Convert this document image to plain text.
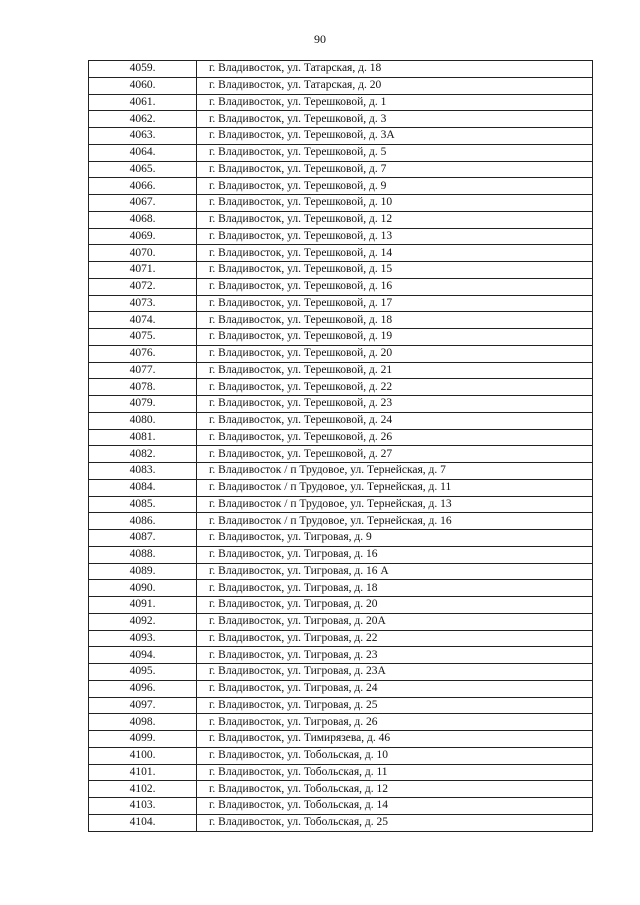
90
4059.	г. Владивосток, ул. Татарская, д. 18
4060.	г. Владивосток, ул. Татарская, д. 20
4061.	г. Владивосток, ул. Терешковой, д. 1
4062.	г. Владивосток, ул. Терешковой, д. 3
4063.	г. Владивосток, ул. Терешковой, д. 3А
4064.	г. Владивосток, ул. Терешковой, д. 5
4065.	г. Владивосток, ул. Терешковой, д. 7
4066.	г. Владивосток, ул. Терешковой, д. 9
4067.	г. Владивосток, ул. Терешковой, д. 10
4068.	г. Владивосток, ул. Терешковой, д. 12
4069.	г. Владивосток, ул. Терешковой, д. 13
4070.	г. Владивосток, ул. Терешковой, д. 14
4071.	г. Владивосток, ул. Терешковой, д. 15
4072.	г. Владивосток, ул. Терешковой, д. 16
4073.	г. Владивосток, ул. Терешковой, д. 17
4074.	г. Владивосток, ул. Терешковой, д. 18
4075.	г. Владивосток, ул. Терешковой, д. 19
4076.	г. Владивосток, ул. Терешковой, д. 20
4077.	г. Владивосток, ул. Терешковой, д. 21
4078.	г. Владивосток, ул. Терешковой, д. 22
4079.	г. Владивосток, ул. Терешковой, д. 23
4080.	г. Владивосток, ул. Терешковой, д. 24
4081.	г. Владивосток, ул. Терешковой, д. 26
4082.	г. Владивосток, ул. Терешковой, д. 27
4083.	г. Владивосток / п Трудовое, ул. Тернейская, д. 7
4084.	г. Владивосток / п Трудовое, ул. Тернейская, д. 11
4085.	г. Владивосток / п Трудовое, ул. Тернейская, д. 13
4086.	г. Владивосток / п Трудовое, ул. Тернейская, д. 16
4087.	г. Владивосток, ул. Тигровая, д. 9
4088.	г. Владивосток, ул. Тигровая, д. 16
4089.	г. Владивосток, ул. Тигровая, д. 16 А
4090.	г. Владивосток, ул. Тигровая, д. 18
4091.	г. Владивосток, ул. Тигровая, д. 20
4092.	г. Владивосток, ул. Тигровая, д. 20А
4093.	г. Владивосток, ул. Тигровая, д. 22
4094.	г. Владивосток, ул. Тигровая, д. 23
4095.	г. Владивосток, ул. Тигровая, д. 23А
4096.	г. Владивосток, ул. Тигровая, д. 24
4097.	г. Владивосток, ул. Тигровая, д. 25
4098.	г. Владивосток, ул. Тигровая, д. 26
4099.	г. Владивосток, ул. Тимирязева, д. 46
4100.	г. Владивосток, ул. Тобольская, д. 10
4101.	г. Владивосток, ул. Тобольская, д. 11
4102.	г. Владивосток, ул. Тобольская, д. 12
4103.	г. Владивосток, ул. Тобольская, д. 14
4104.	г. Владивосток, ул. Тобольская, д. 25
